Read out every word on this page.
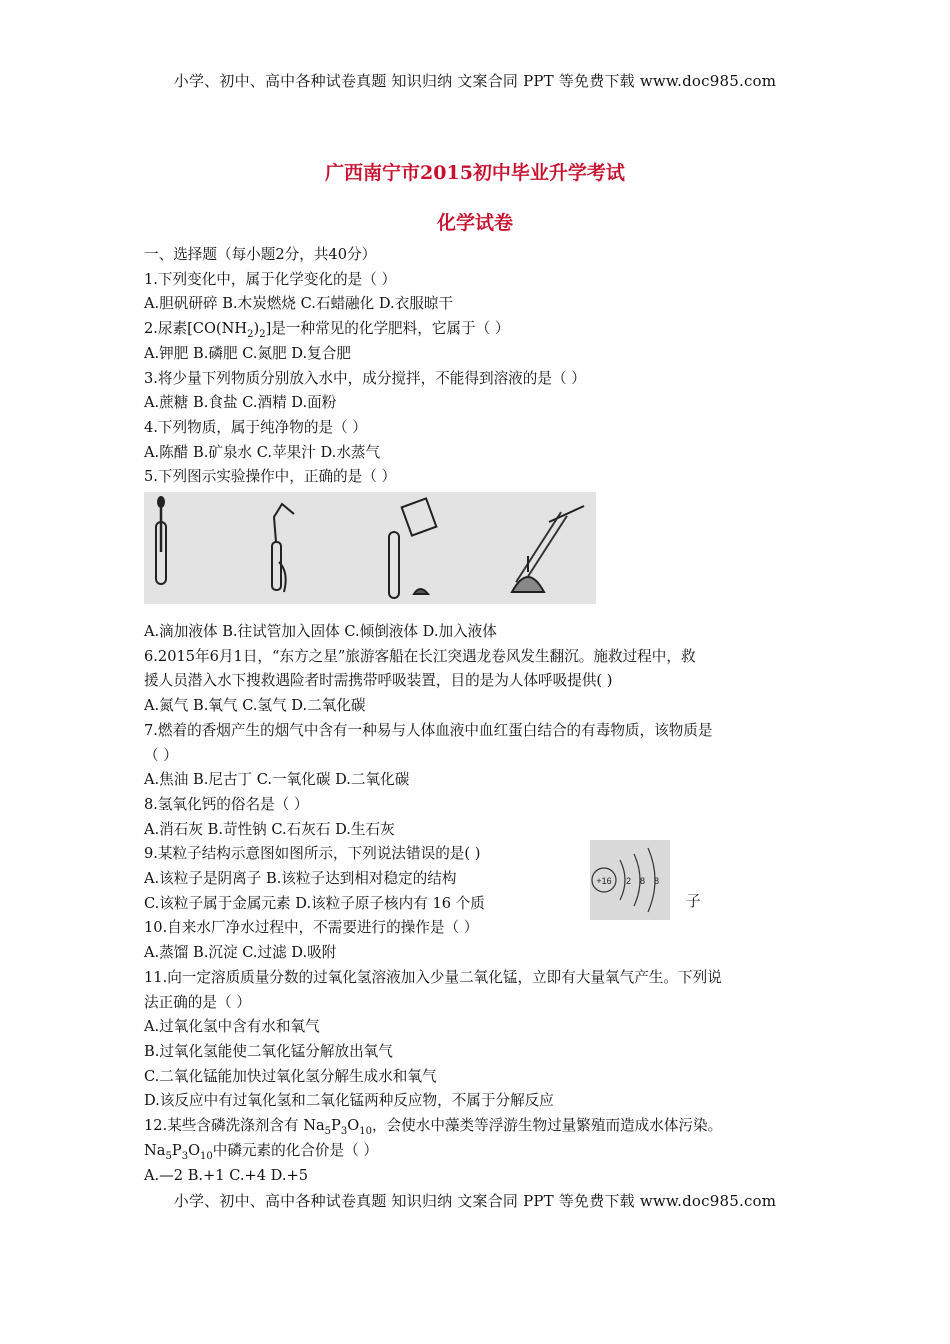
小学、初中、高中各种试卷真题 知识归纳 文案合同 PPT 等免费下载 www.doc985.com
广西南宁市2015初中毕业升学考试
化学试卷

一、选择题（每小题2分，共40分）

1.下列变化中，属于化学变化的是（ ）

A.胆矾研碎 B.木炭燃烧 C.石蜡融化 D.衣服晾干

2.尿素$[CO(NH_2)_2]$是一种常见的化学肥料，它属于（ ）

A.钾肥 B.磷肥 C.氮肥 D.复合肥

3.将少量下列物质分别放入水中，成分搅拌，不能得到溶液的是（ ）

A.蔗糖 B.食盐 C.酒精 D.面粉

4.下列物质，属于纯净物的是（ ）

A.陈醋 B.矿泉水 C.苹果汁 D.水蒸气

5.下列图示实验操作中，正确的是（ ）

A.滴加液体 B.往试管加入固体 C.倾倒液体 D.加入液体

6.2015年6月1日，“东方之星”旅游客船在长江突遇龙卷风发生翻沉。施救过程中，救

援人员潜入水下搜救遇险者时需携带呼吸装置，目的是为人体呼吸提供( )

A.氮气 B.氧气 C.氢气 D.二氧化碳

7.燃着的香烟产生的烟气中含有一种易与人体血液中血红蛋白结合的有毒物质，该物质是

（ ）

A.焦油 B.尼古丁 C.一氧化碳 D.二氧化碳

8.氢氧化钙的俗名是（ ）

A.消石灰 B.苛性钠 C.石灰石 D.生石灰

9.某粒子结构示意图如图所示，下列说法错误的是( )

A.该粒子是阴离子 B.该粒子达到相对稳定的结构

C.该粒子属于金属元素 D.该粒子原子核内有 16 个质	子
+16 2 8 8

10.自来水厂净水过程中，不需要进行的操作是（ ）

A.蒸馏 B.沉淀 C.过滤 D.吸附

11.向一定溶质质量分数的过氧化氢溶液加入少量二氧化锰，立即有大量氧气产生。下列说

法正确的是（ ）

A.过氧化氢中含有水和氧气

B.过氧化氢能使二氧化锰分解放出氧气

C.二氧化锰能加快过氧化氢分解生成水和氧气

D.该反应中有过氧化氢和二氧化锰两种反应物，不属于分解反应

12.某些含磷洗涤剂含有 $Na_5P_3O_{10}$，会使水中藻类等浮游生物过量繁殖而造成水体污染。

$Na_5P_3O_{10}$中磷元素的化合价是（ ）

A.—2 B.+1 C.+4 D.+5

小学、初中、高中各种试卷真题 知识归纳 文案合同 PPT 等免费下载 www.doc985.com
